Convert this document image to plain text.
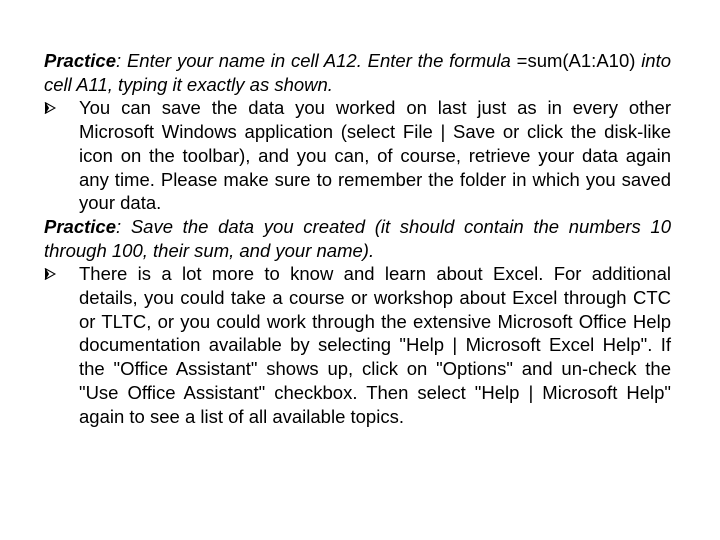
Practice: Enter your name in cell A12. Enter the formula =sum(A1:A10) into cell A11, typing it exactly as shown.

You can save the data you worked on last just as in every other Microsoft Windows application (select File | Save or click the disk-like icon on the toolbar), and you can, of course, retrieve your data again any time. Please make sure to remember the folder in which you saved your data.

Practice: Save the data you created (it should contain the numbers 10 through 100, their sum, and your name).

There is a lot more to know and learn about Excel. For additional details, you could take a course or workshop about Excel through CTC or TLTC, or you could work through the extensive Microsoft Office Help documentation available by selecting "Help | Microsoft Excel Help". If the "Office Assistant" shows up, click on "Options" and un-check the "Use Office Assistant" checkbox. Then select "Help | Microsoft Help" again to see a list of all available topics.
